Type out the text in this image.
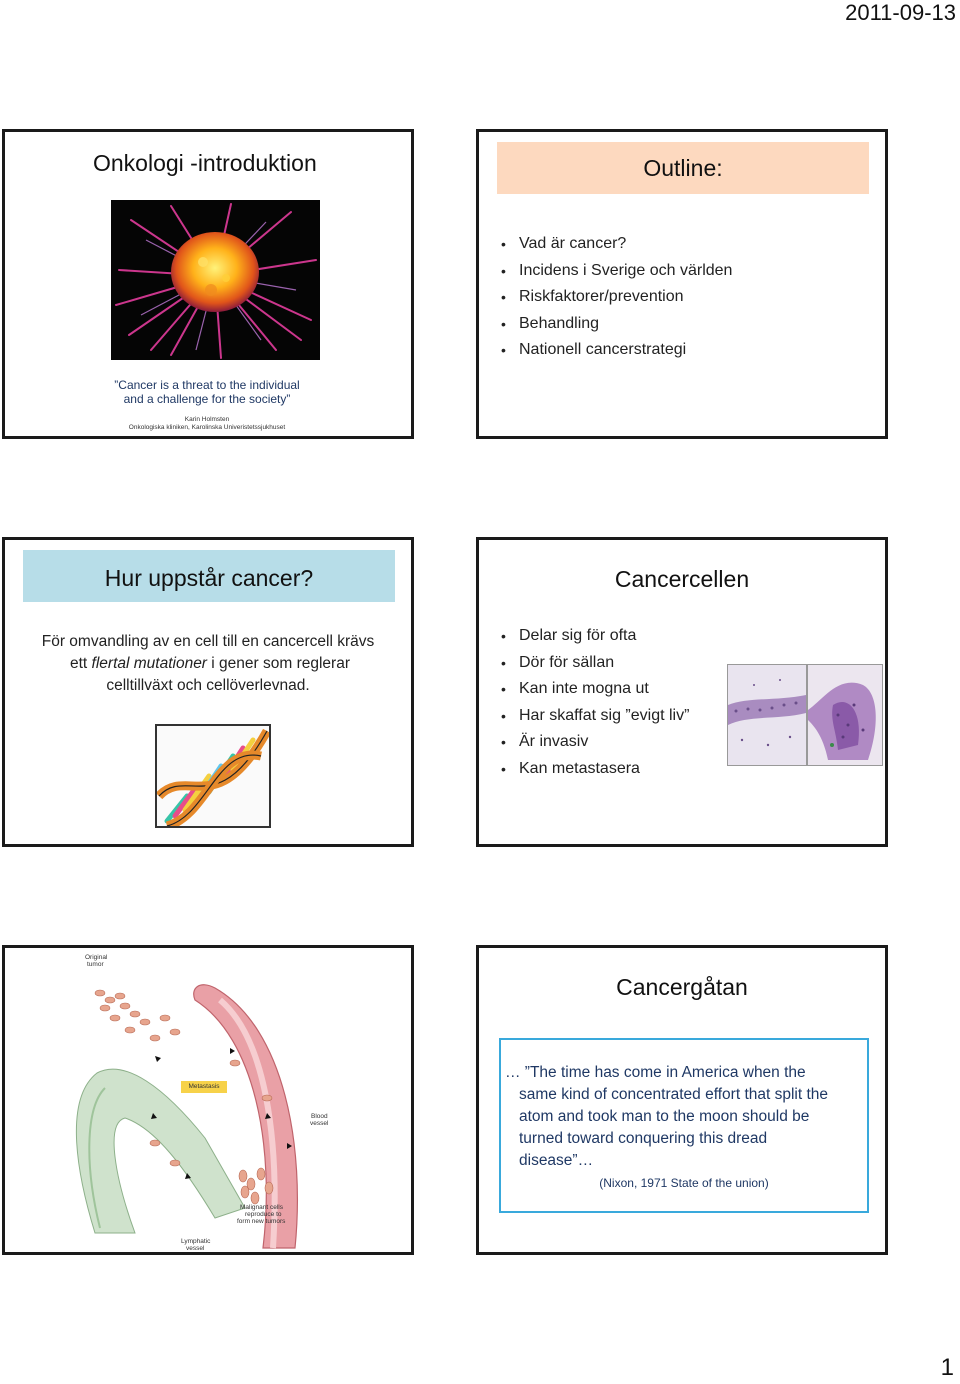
2011-09-13
Onkologi -introduktion
”Cancer is a threat to the individual
and a challenge for the society”
Karin Holmsten
Onkologiska kliniken, Karolinska Univeristetssjukhuset
Outline:
• Vad är cancer?
• Incidens i Sverige och världen
• Riskfaktorer/prevention
• Behandling
• Nationell cancerstrategi
Hur uppstår cancer?
För omvandling av en cell till en cancercell krävs
ett flertal mutationer i gener som reglerar
celltillväxt och cellöverlevnad.
Cancercellen
• Delar sig för ofta
• Dör för sällan
• Kan inte mogna ut
• Har skaffat sig ”evigt liv”
• Är invasiv
• Kan metastasera
Original
tumor
Metastasis
Blood
vessel
Malignant cells
reproduce to
form new tumors
Lymphatic
vessel
Cancergåtan
… ”The time has come in America when the
same kind of concentrated effort that split the
atom and took man to the moon should be
turned toward conquering this dread
disease”…
(Nixon, 1971 State of the union)
1
